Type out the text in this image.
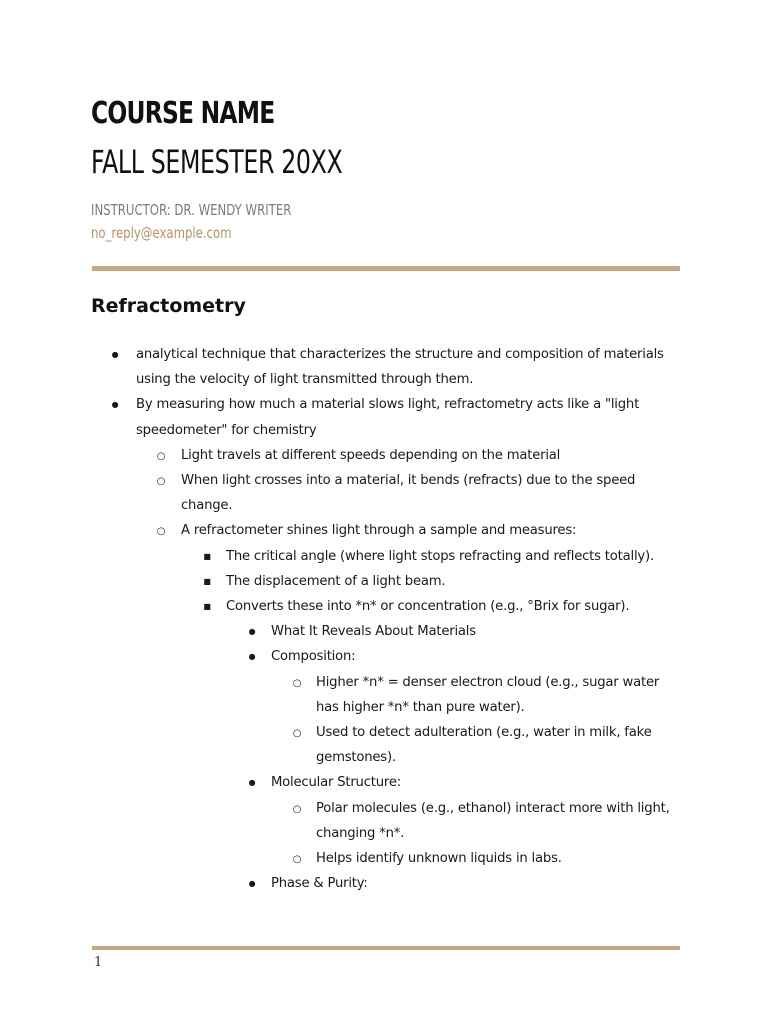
COURSE NAME
FALL SEMESTER 20XX

INSTRUCTOR: DR. WENDY WRITER

no_reply@example.com

Refractometry
●
analytical technique that characterizes the structure and composition of materials using the velocity of light transmitted through them.
●
By measuring how much a material slows light, refractometry acts like a "light speedometer" for chemistry
○
Light travels at different speeds depending on the material
○
When light crosses into a material, it bends (refracts) due to the speed change.
○
A refractometer shines light through a sample and measures:
■
The critical angle (where light stops refracting and reflects totally).
■
The displacement of a light beam.
■
Converts these into *n* or concentration (e.g., °Brix for sugar).
●
What It Reveals About Materials
●
Composition:
○
Higher *n* = denser electron cloud (e.g., sugar water has higher *n* than pure water).
○
Used to detect adulteration (e.g., water in milk, fake gemstones).
●
Molecular Structure:
○
Polar molecules (e.g., ethanol) interact more with light, changing *n*.
○
Helps identify unknown liquids in labs.
●
Phase & Purity:
1
